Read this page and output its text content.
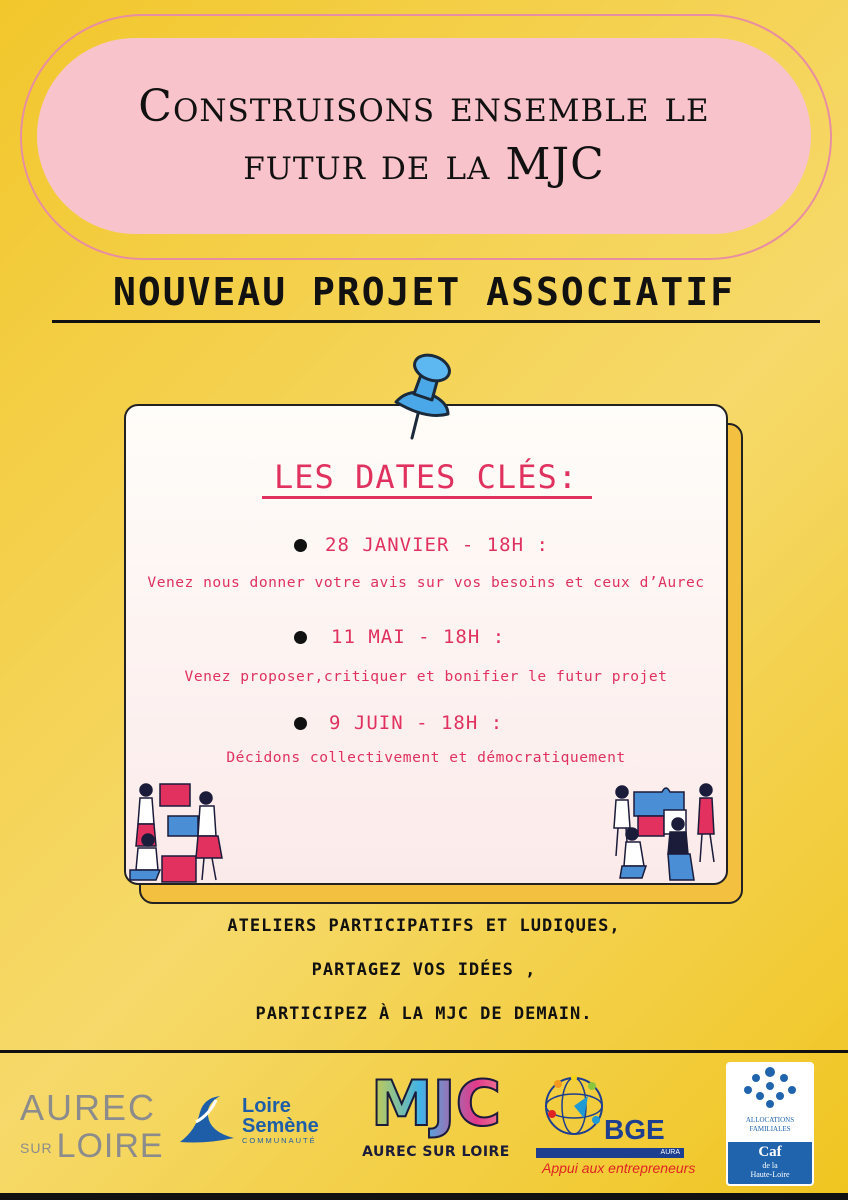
Construisons ensemble le
futur de la MJC
NOUVEAU PROJET ASSOCIATIF
LES DATES CLÉS:
28 JANVIER - 18H :
Venez nous donner votre avis sur vos besoins et ceux d’Aurec
11 MAI - 18H :
Venez proposer,critiquer et bonifier le futur projet
9 JUIN - 18H :
Décidons collectivement et démocratiquement
ATELIERS PARTICIPATIFS ET LUDIQUES,
PARTAGEZ VOS IDÉES ,
PARTICIPEZ À LA MJC DE DEMAIN.
AUREC
SUR LOIRE
Loire
Semène
COMMUNAUTÉ MJC
AUREC SUR LOIRE
BGE
AURA
Appui aux entrepreneurs
ALLOCATIONS
FAMILIALES
Caf
de la
Haute-Loire
